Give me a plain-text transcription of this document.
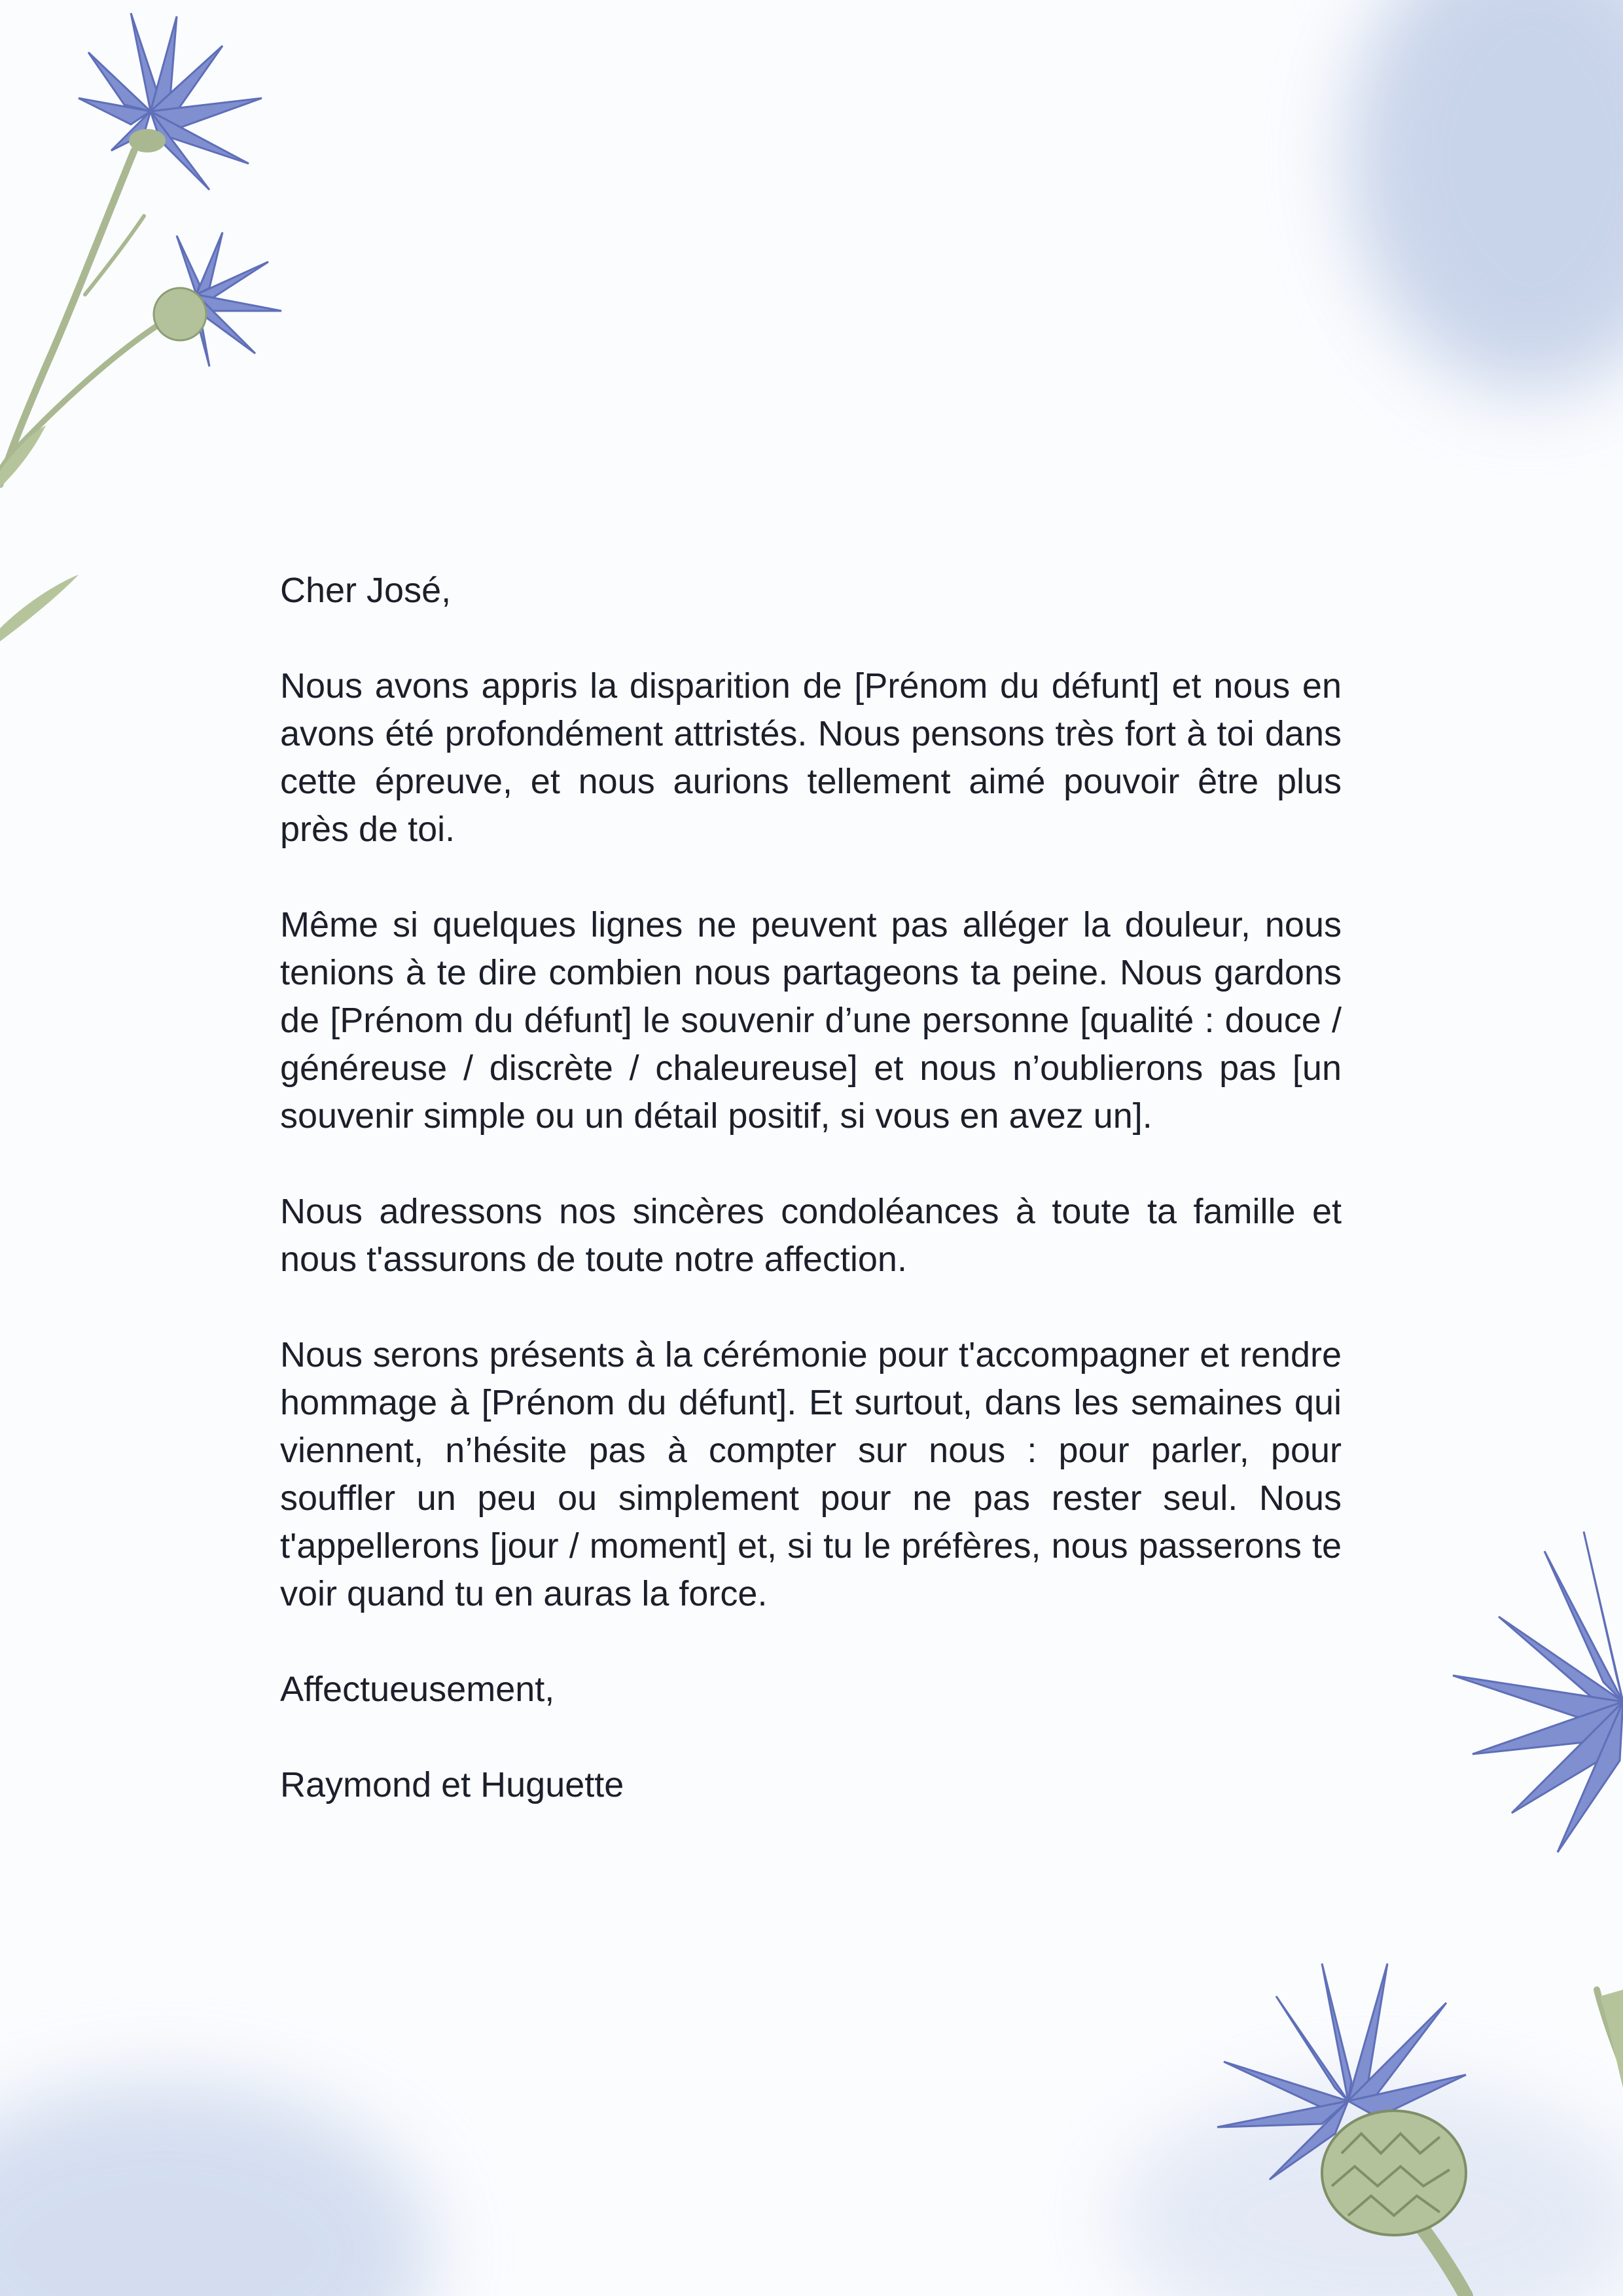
Cher José,

Nous avons appris la disparition de [Prénom du défunt] et nous en avons été profondément attristés. Nous pensons très fort à toi dans cette épreuve, et nous aurions tellement aimé pouvoir être plus près de toi.

Même si quelques lignes ne peuvent pas alléger la douleur, nous tenions à te dire combien nous partageons ta peine. Nous gardons de [Prénom du défunt] le souvenir d’une personne [qualité : douce / généreuse / discrète / chaleureuse] et nous n’oublierons pas [un souvenir simple ou un détail positif, si vous en avez un].

Nous adressons nos sincères condoléances à toute ta famille et nous t'assurons de toute notre affection.

Nous serons présents à la cérémonie pour t'accompagner et rendre hommage à [Prénom du défunt]. Et surtout, dans les semaines qui viennent, n’hésite pas à compter sur nous : pour parler, pour souffler un peu ou simplement pour ne pas rester seul. Nous t'appellerons [jour / moment] et, si tu le préfères, nous passerons te voir quand tu en auras la force.

Affectueusement,

Raymond et Huguette
